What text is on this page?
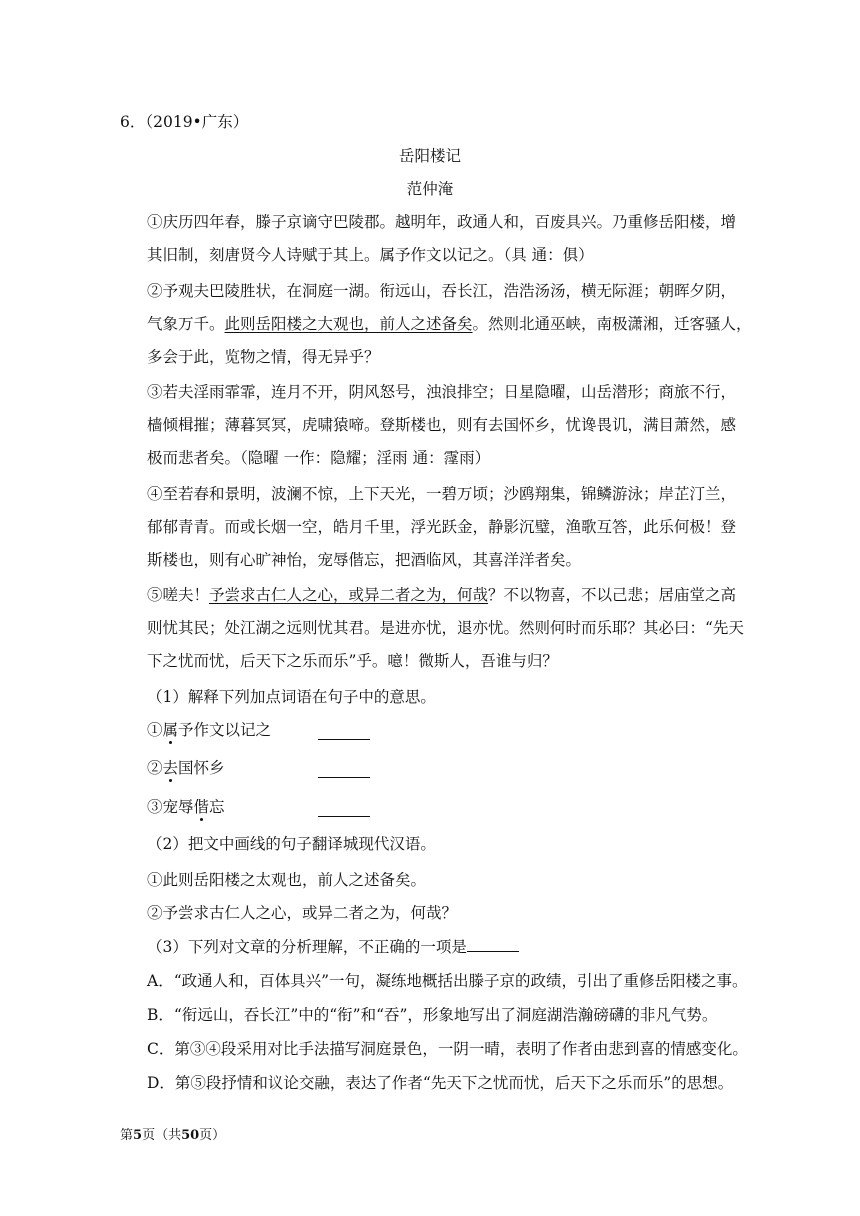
6．（2019•广东）
岳阳楼记
范仲淹
①庆历四年春，滕子京谪守巴陵郡。越明年，政通人和，百废具兴。乃重修岳阳楼，增
其旧制，刻唐贤今人诗赋于其上。属予作文以记之。（具 通：俱）
②予观夫巴陵胜状，在洞庭一湖。衔远山，吞长江，浩浩汤汤，横无际涯；朝晖夕阴，
气象万千。此则岳阳楼之大观也，前人之述备矣。然则北通巫峡，南极潇湘，迁客骚人，
多会于此，览物之情，得无异乎？
③若夫淫雨霏霏，连月不开，阴风怒号，浊浪排空；日星隐曜，山岳潜形；商旅不行，
樯倾楫摧；薄暮冥冥，虎啸猿啼。登斯楼也，则有去国怀乡，忧谗畏讥，满目萧然，感
极而悲者矣。（隐曜 一作：隐耀；淫雨 通：霪雨）
④至若春和景明，波澜不惊，上下天光，一碧万顷；沙鸥翔集，锦鳞游泳；岸芷汀兰，
郁郁青青。而或长烟一空，皓月千里，浮光跃金，静影沉璧，渔歌互答，此乐何极！登
斯楼也，则有心旷神怡，宠辱偕忘，把酒临风，其喜洋洋者矣。
⑤嗟夫！予尝求古仁人之心，或异二者之为，何哉？不以物喜，不以己悲；居庙堂之高
则忧其民；处江湖之远则忧其君。是进亦忧，退亦忧。然则何时而乐耶？其必曰：“先天
下之忧而忧，后天下之乐而乐”乎。噫！微斯人，吾谁与归？
（1）解释下列加点词语在句子中的意思。
①属予作文以记之
②去国怀乡
③宠辱偕忘
（2）把文中画线的句子翻译城现代汉语。
①此则岳阳楼之太观也，前人之述备矣。
②予尝求古仁人之心，或异二者之为，何哉？
（3）下列对文章的分析理解，不正确的一项是
A．“政通人和，百体具兴”一句，凝练地概括出滕子京的政绩，引出了重修岳阳楼之事。
B．“衔远山，吞长江”中的“衔”和“吞”，形象地写出了洞庭湖浩瀚磅礴的非凡气势。
C．第③④段采用对比手法描写洞庭景色，一阴一晴，表明了作者由悲到喜的情感变化。
D．第⑤段抒情和议论交融，表达了作者“先天下之忧而忧，后天下之乐而乐”的思想。
第5页（共50页）
